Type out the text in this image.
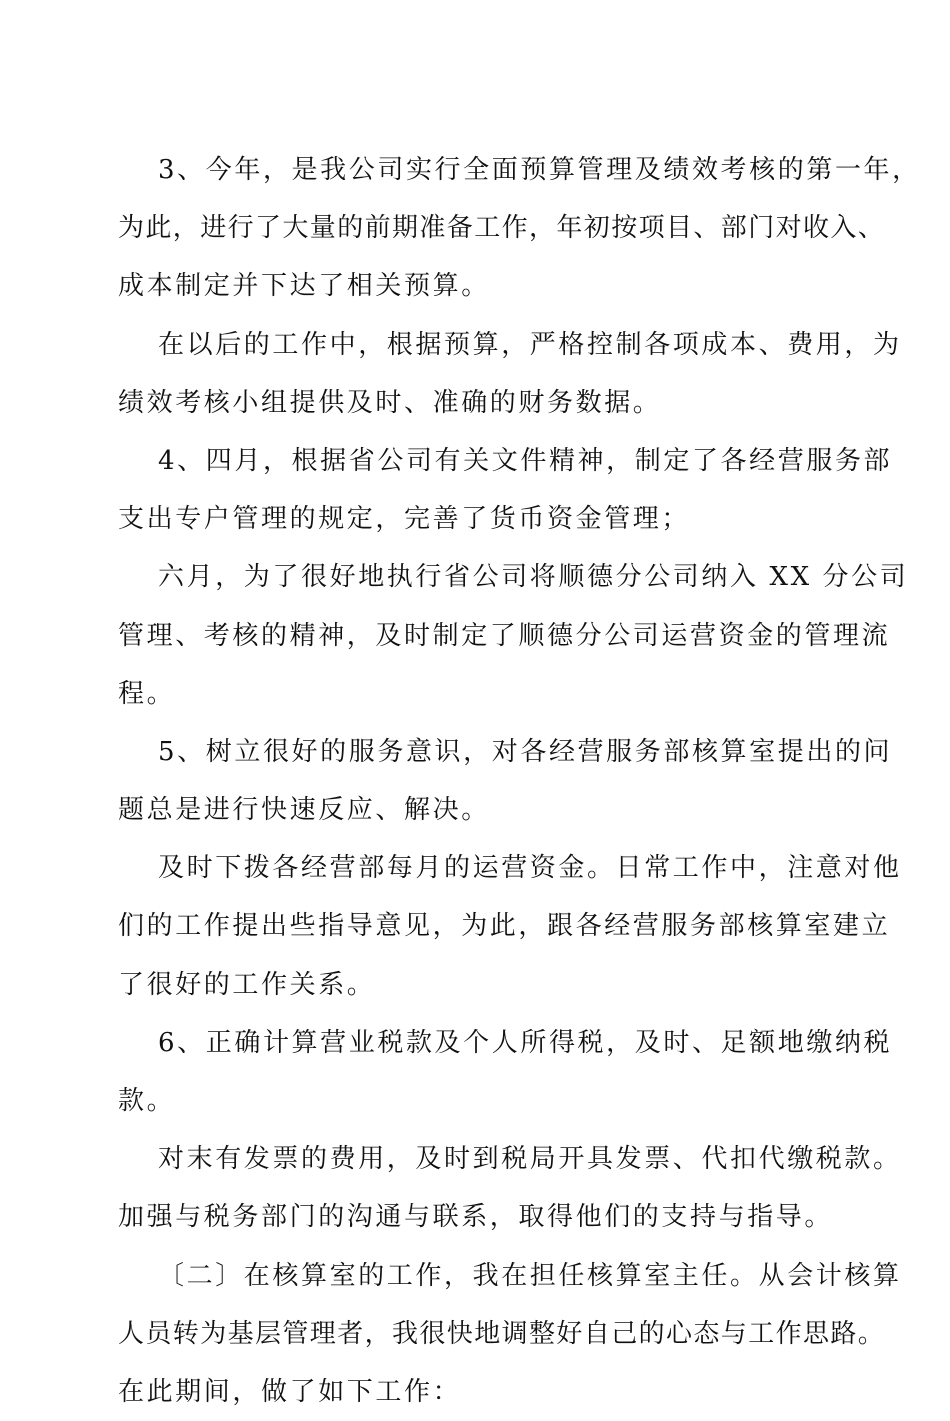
3、今年，是我公司实行全面预算管理及绩效考核的第一年，
为此，进行了大量的前期准备工作，年初按项目、部门对收入、
成本制定并下达了相关预算。
在以后的工作中，根据预算，严格控制各项成本、费用，为
绩效考核小组提供及时、准确的财务数据。
4、四月，根据省公司有关文件精神，制定了各经营服务部
支出专户管理的规定，完善了货币资金管理；
六月，为了很好地执行省公司将顺德分公司纳入 XX 分公司
管理、考核的精神，及时制定了顺德分公司运营资金的管理流
程。
5、树立很好的服务意识，对各经营服务部核算室提出的问
题总是进行快速反应、解决。
及时下拨各经营部每月的运营资金。日常工作中，注意对他
们的工作提出些指导意见，为此，跟各经营服务部核算室建立
了很好的工作关系。
6、正确计算营业税款及个人所得税，及时、足额地缴纳税
款。
对末有发票的费用，及时到税局开具发票、代扣代缴税款。
加强与税务部门的沟通与联系，取得他们的支持与指导。
〔二〕在核算室的工作，我在担任核算室主任。从会计核算
人员转为基层管理者，我很快地调整好自己的心态与工作思路。
在此期间，做了如下工作：
